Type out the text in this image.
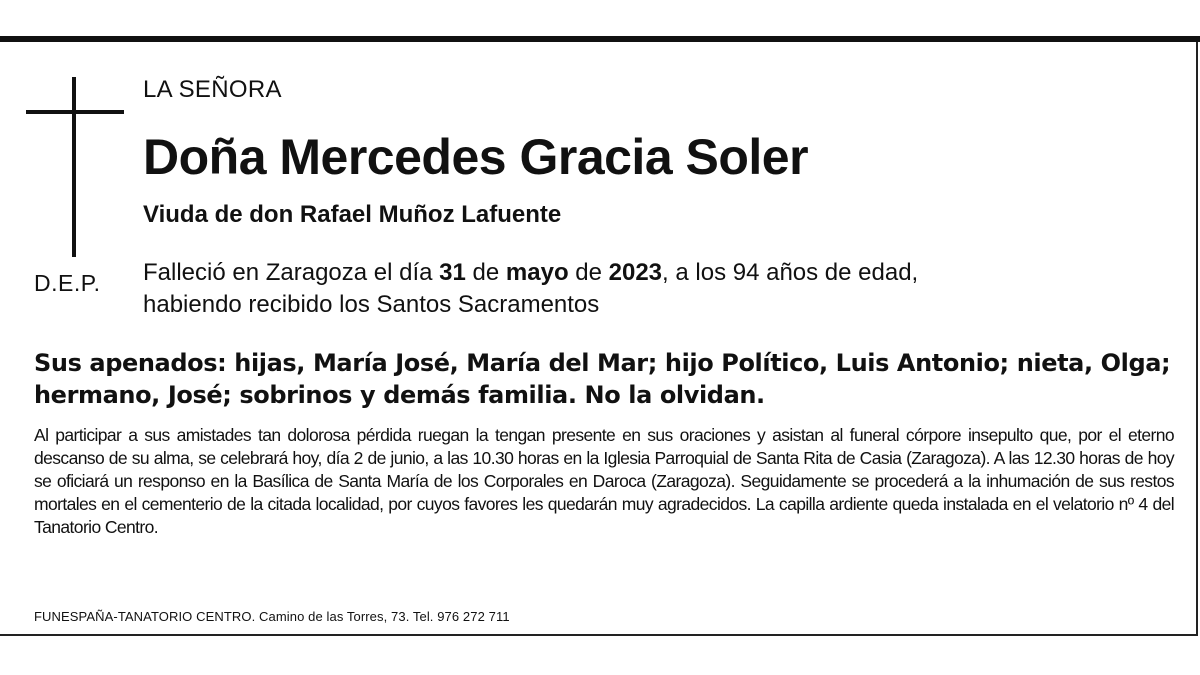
D.E.P.
LA SEÑORA
Doña Mercedes Gracia Soler
Viuda de don Rafael Muñoz Lafuente
Falleció en Zaragoza el día 31 de mayo de 2023, a los 94 años de edad,
habiendo recibido los Santos Sacramentos
Sus apenados: hijas, María José, María del Mar; hijo Político, Luis Antonio; nieta, Olga; hermano, José; sobrinos y demás familia. No la olvidan.
Al participar a sus amistades tan dolorosa pérdida ruegan la tengan presente en sus oraciones y asistan al funeral córpore insepulto que, por el eterno descanso de su alma, se celebrará hoy, día 2 de junio, a las 10.30 horas en la Iglesia Parroquial de Santa Rita de Casia (Zaragoza). A las 12.30 horas de hoy se oficiará un responso en la Basílica de Santa María de los Corporales en Daroca (Zaragoza). Seguidamente se procederá a la inhumación de sus restos mortales en el cementerio de la citada localidad, por cuyos favores les quedarán muy agradecidos. La capilla ardiente queda instalada en el velatorio nº 4 del Tanatorio Centro.
FUNESPAÑA-TANATORIO CENTRO. Camino de las Torres, 73. Tel. 976 272 711
